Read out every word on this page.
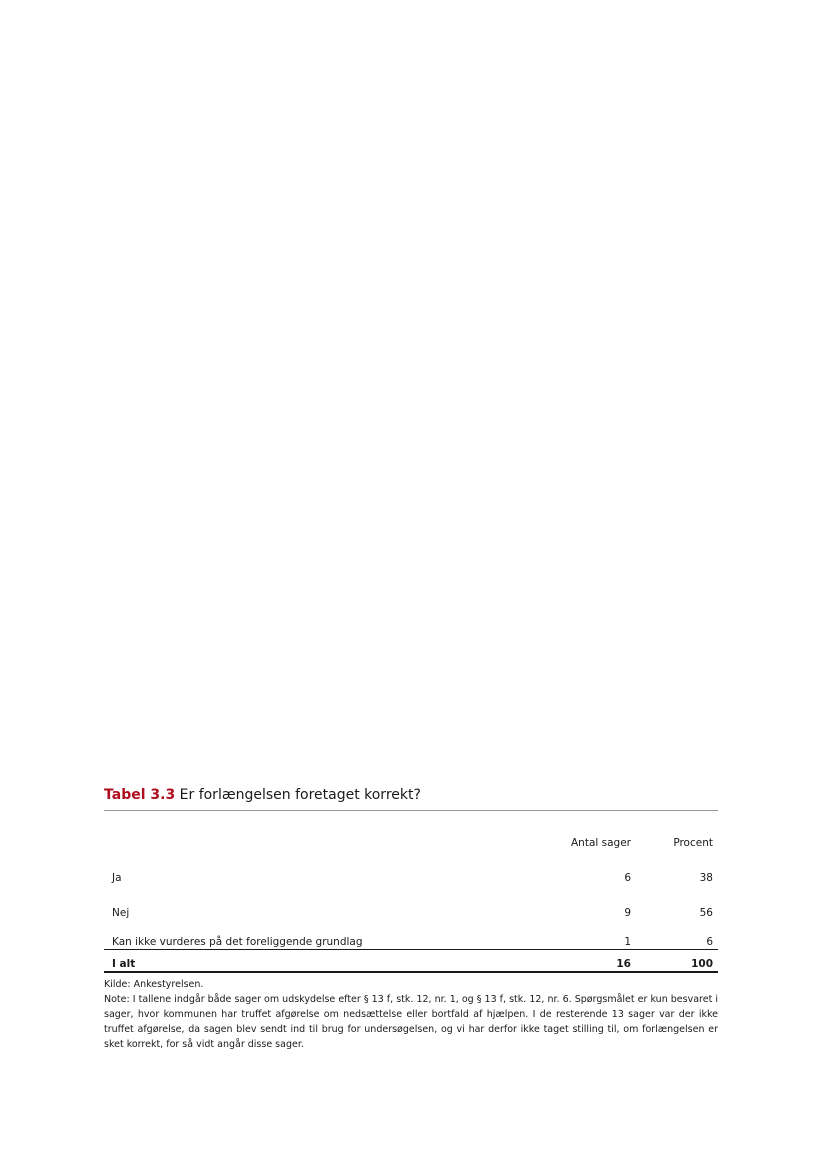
Tabel 3.3 Er forlængelsen foretaget korrekt?

	Antal sager	Procent
Ja	6	38
Nej	9	56
Kan ikke vurderes på det foreliggende grundlag	1	6
I alt	16	100

Kilde: Ankestyrelsen.

Note: I tallene indgår både sager om udskydelse efter § 13 f, stk. 12, nr. 1, og § 13 f, stk. 12, nr. 6. Spørgsmålet er kun besvaret i sager, hvor kommunen har truffet afgørelse om nedsættelse eller bortfald af hjælpen. I de resterende 13 sager var der ikke truffet afgørelse, da sagen blev sendt ind til brug for undersøgelsen, og vi har derfor ikke taget stilling til, om forlængelsen er sket korrekt, for så vidt angår disse sager.
